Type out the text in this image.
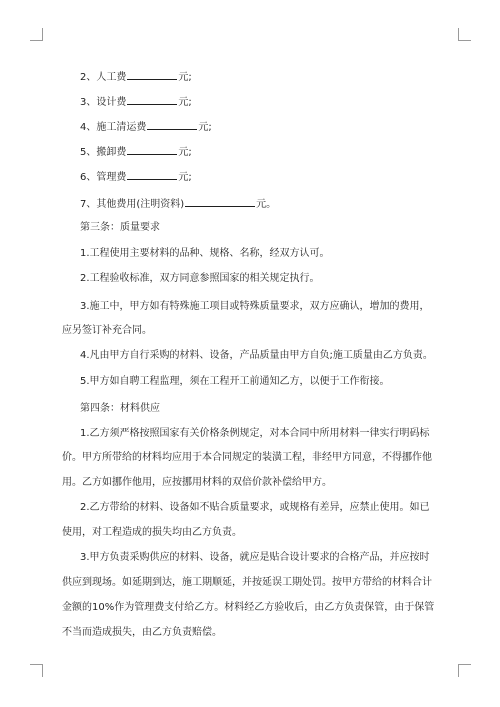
2、人工费	元;
3、设计费	元;
4、施工清运费	元;
5、搬卸费	元;
6、管理费	元;
7、其他费用(注明资料)	元。
第三条：质量要求
1.工程使用主要材料的品种、规格、名称，经双方认可。
2.工程验收标准，双方同意参照国家的相关规定执行。
3.施工中，甲方如有特殊施工项目或特殊质量要求，双方应确认，增加的费用，
应另签订补充合同。
4.凡由甲方自行采购的材料、设备，产品质量由甲方自负;施工质量由乙方负责。
5.甲方如自聘工程监理，须在工程开工前通知乙方，以便于工作衔接。
第四条：材料供应
1.乙方须严格按照国家有关价格条例规定，对本合同中所用材料一律实行明码标
价。甲方所带给的材料均应用于本合同规定的装潢工程，非经甲方同意，不得挪作他
用。乙方如挪作他用，应按挪用材料的双倍价款补偿给甲方。
2.乙方带给的材料、设备如不贴合质量要求，或规格有差异，应禁止使用。如已
使用，对工程造成的损失均由乙方负责。
3.甲方负责采购供应的材料、设备，就应是贴合设计要求的合格产品，并应按时
供应到现场。如延期到达，施工期顺延，并按延误工期处罚。按甲方带给的材料合计
金额的10%作为管理费支付给乙方。材料经乙方验收后，由乙方负责保管，由于保管
不当而造成损失，由乙方负责赔偿。
